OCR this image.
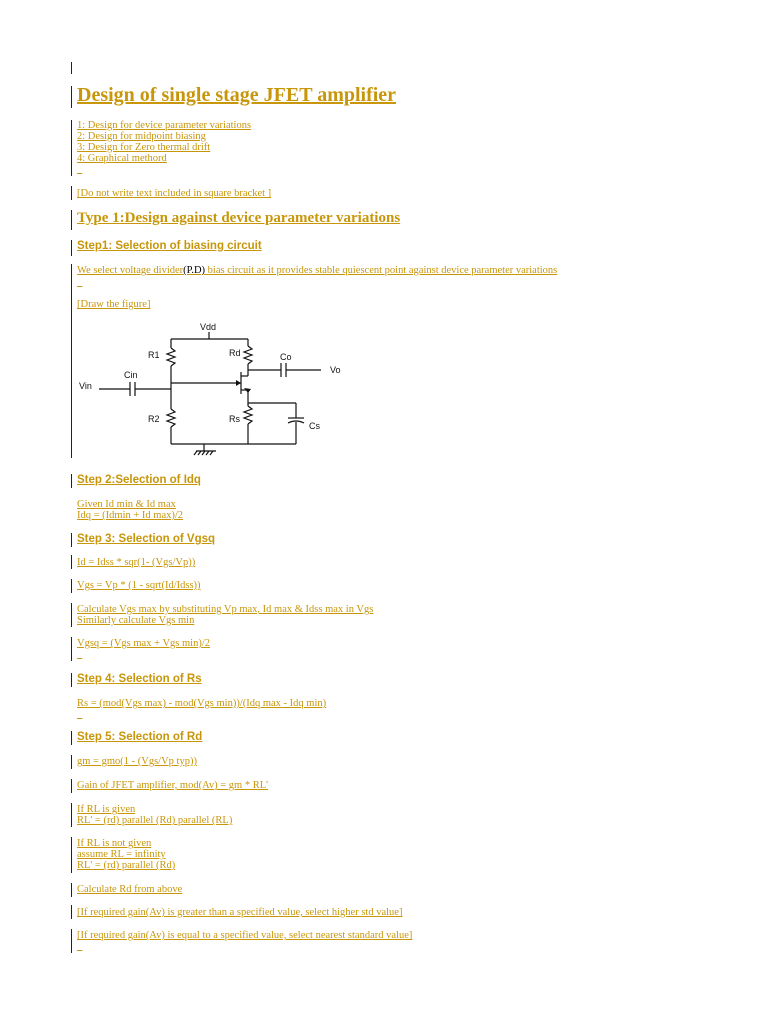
Design of single stage JFET amplifier
1: Design for device parameter variations
2: Design for midpoint biasing
3: Design for Zero thermal drift
4: Graphical methord
_
[Do not write text included in square bracket ]
Type 1:Design against device parameter variations
Step1: Selection of biasing circuit
We select voltage divider(P.D) bias circuit as it provides stable quiescent point against device parameter variations
_
[Draw the figure]
Vdd
R1	Rd	Co
Vo
Cin
Vin
R2	Rs
Cs
Step 2:Selection of Idq
Given Id min & Id max
Idq = (Idmin + Id max)/2
Step 3: Selection of Vgsq
Id = Idss * sqr(1- (Vgs/Vp))
Vgs = Vp * (1 - sqrt(Id/Idss))
Calculate Vgs max by substituting Vp max, Id max & Idss max in Vgs
Similarly calculate Vgs min
Vgsq = (Vgs max + Vgs min)/2
_
Step 4: Selection of Rs
Rs = (mod(Vgs max) - mod(Vgs min))/(Idq max - Idq min)
_
Step 5: Selection of Rd
gm = gmo(1 - (Vgs/Vp typ))
Gain of JFET amplifier, mod(Av) = gm * RL'
If RL is given
RL' = (rd) parallel (Rd) parallel (RL)
If RL is not given
assume RL = infinity
RL' = (rd) parallel (Rd)
Calculate Rd from above
[If required gain(Av) is greater than a specified value, select higher std value]
[If required gain(Av) is equal to a specified value, select nearest standard value]
_
